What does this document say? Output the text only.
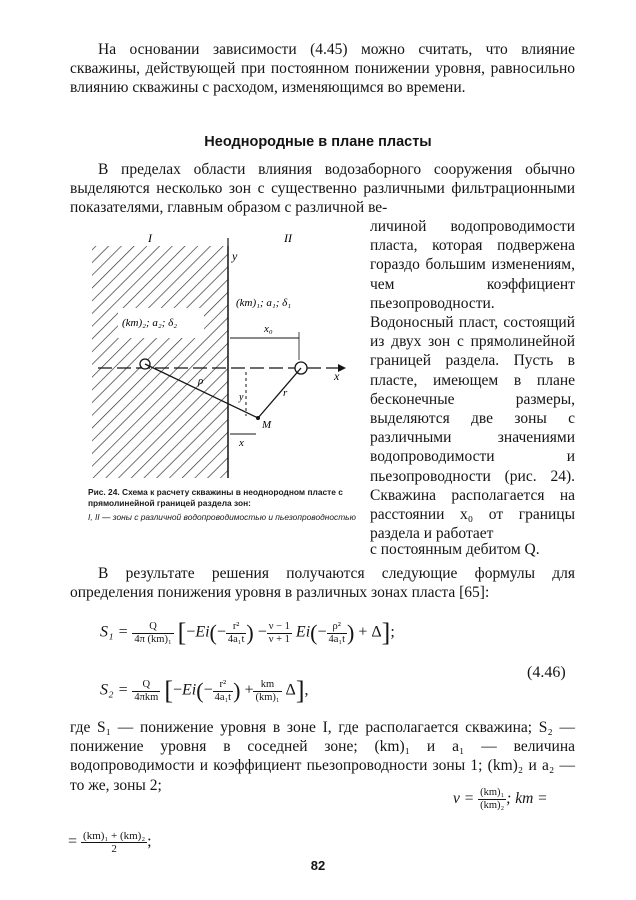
На основании зависимости (4.45) можно считать, что влияние скважины, действующей при постоянном понижении уровня, равносильно влиянию скважины с расходом, изменяющимся во времени.

Неоднородные в плане пласты

В пределах области влияния водозаборного сооружения обычно выделяются несколько зон с существенно различными фильтрационными показателями, главным образом с различной ве-

I	II
y
x
(km)₂; a₂; δ₂
(km)₁; a₁; δ₁
x₀
y
x
M
ρ
r
Рис. 24. Схема к расчету скважины в неоднородном пласте с прямолинейной границей раздела зон:
I, II — зоны с различной водопроводимостью и пьезопроводностью

личиной водопроводимости пласта, которая подвержена гораздо большим изменениям, чем коэффициент пьезопроводности. Водоносный пласт, состоящий из двух зон с прямолинейной границей раздела. Пусть в пласте, имеющем в плане бесконечные размеры, выделяются две зоны с различными значениями водопроводимости и пьезопроводности (рис. 24). Скважина располагается на расстоянии x₀ от границы раздела и работает

с постоянным дебитом Q.

В результате решения получаются следующие формулы для определения понижения уровня в различных зонах пласта [65]:

$S_1 = \frac{Q}{\text{4π (km)₁}} [-Ei(- \frac{\text{r²}}{\text{4a₁t}}$ ) − $\frac{\nu - 1}{\nu + 1} Ei(- \frac{\text{ρ²}}{\text{4a₁t}}$ ) + Δ];
(4.46)
$S_2 = \frac{Q}{\text{4πkm}} [-Ei(- \frac{\text{r²}}{\text{4a₁t}}$ ) + $\frac{km}{\text{(km)₁}} \Delta$],

где S₁ — понижение уровня в зоне I, где располагается скважина; S₂ — понижение уровня в соседней зоне; (km)₁ и a₁ — величина водопроводимости и коэффициент пьезопроводности зоны 1; (km)₂ и a₂ — то же, зоны 2;

$\nu = \frac{\text{(km)₁}}{\text{(km)₂}}$ ; km =
= $\frac{\text{(km)₁ + (km)₂}}{2}$ ;
82
